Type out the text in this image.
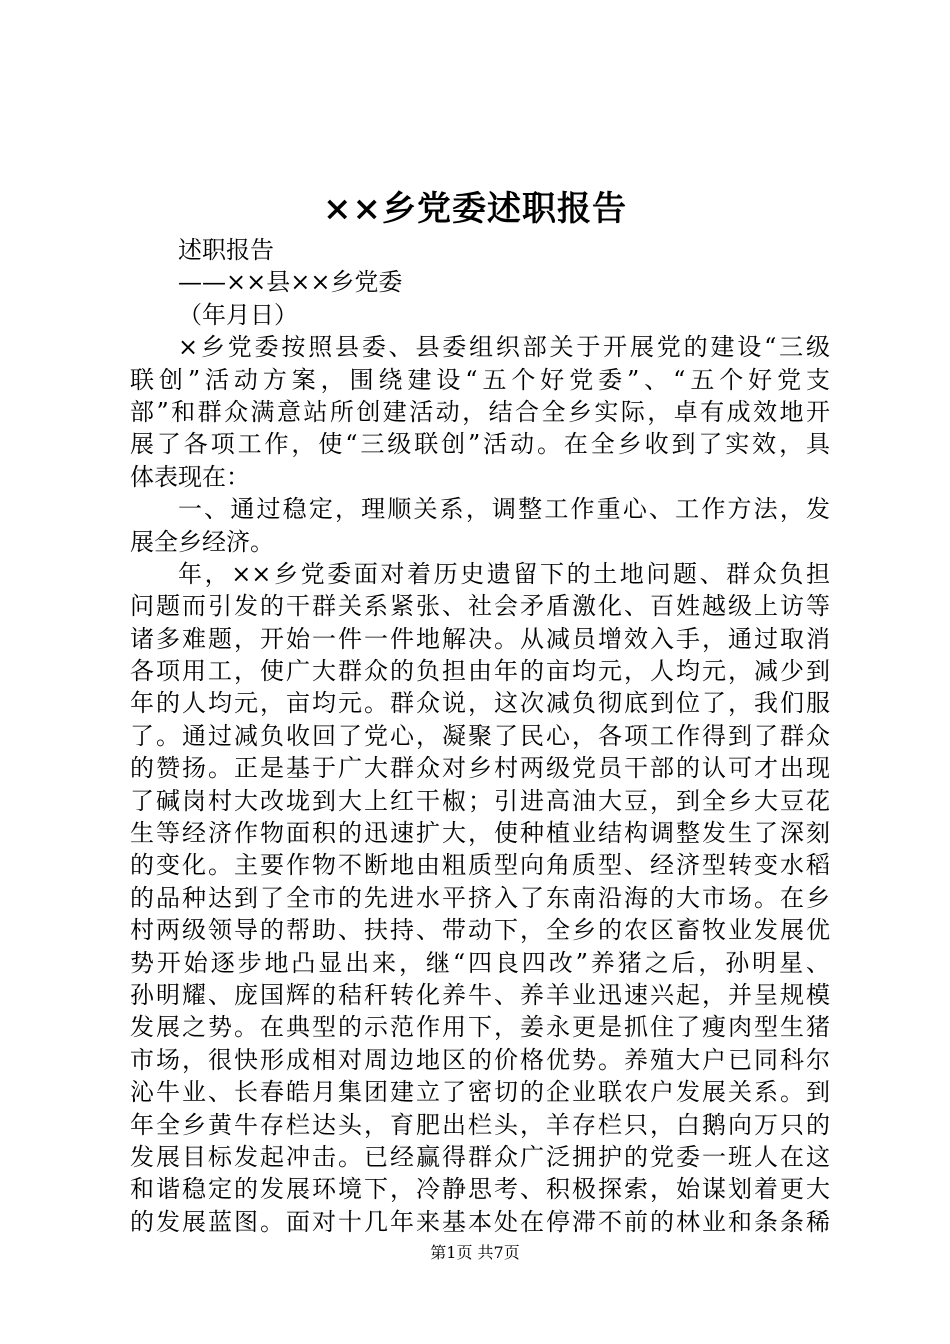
××乡党委述职报告
述职报告
——××县××乡党委
（年月日）
×乡党委按照县委、县委组织部关于开展党的建设“三级
联创”活动方案，围绕建设“五个好党委”、“五个好党支
部”和群众满意站所创建活动，结合全乡实际，卓有成效地开
展了各项工作，使“三级联创”活动。在全乡收到了实效，具
体表现在：
一、通过稳定，理顺关系，调整工作重心、工作方法，发
展全乡经济。
年，××乡党委面对着历史遗留下的土地问题、群众负担
问题而引发的干群关系紧张、社会矛盾激化、百姓越级上访等
诸多难题，开始一件一件地解决。从减员增效入手，通过取消
各项用工，使广大群众的负担由年的亩均元，人均元，减少到
年的人均元，亩均元。群众说，这次减负彻底到位了，我们服
了。通过减负收回了党心，凝聚了民心，各项工作得到了群众
的赞扬。正是基于广大群众对乡村两级党员干部的认可才出现
了碱岗村大改垅到大上红干椒；引进高油大豆，到全乡大豆花
生等经济作物面积的迅速扩大，使种植业结构调整发生了深刻
的变化。主要作物不断地由粗质型向角质型、经济型转变水稻
的品种达到了全市的先进水平挤入了东南沿海的大市场。在乡
村两级领导的帮助、扶持、带动下，全乡的农区畜牧业发展优
势开始逐步地凸显出来，继“四良四改”养猪之后，孙明星、
孙明耀、庞国辉的秸秆转化养牛、养羊业迅速兴起，并呈规模
发展之势。在典型的示范作用下，姜永更是抓住了瘦肉型生猪
市场，很快形成相对周边地区的价格优势。养殖大户已同科尔
沁牛业、长春皓月集团建立了密切的企业联农户发展关系。到
年全乡黄牛存栏达头，育肥出栏头，羊存栏只，白鹅向万只的
发展目标发起冲击。已经赢得群众广泛拥护的党委一班人在这
和谐稳定的发展环境下，冷静思考、积极探索，始谋划着更大
的发展蓝图。面对十几年来基本处在停滞不前的林业和条条稀
第1页 共7页
